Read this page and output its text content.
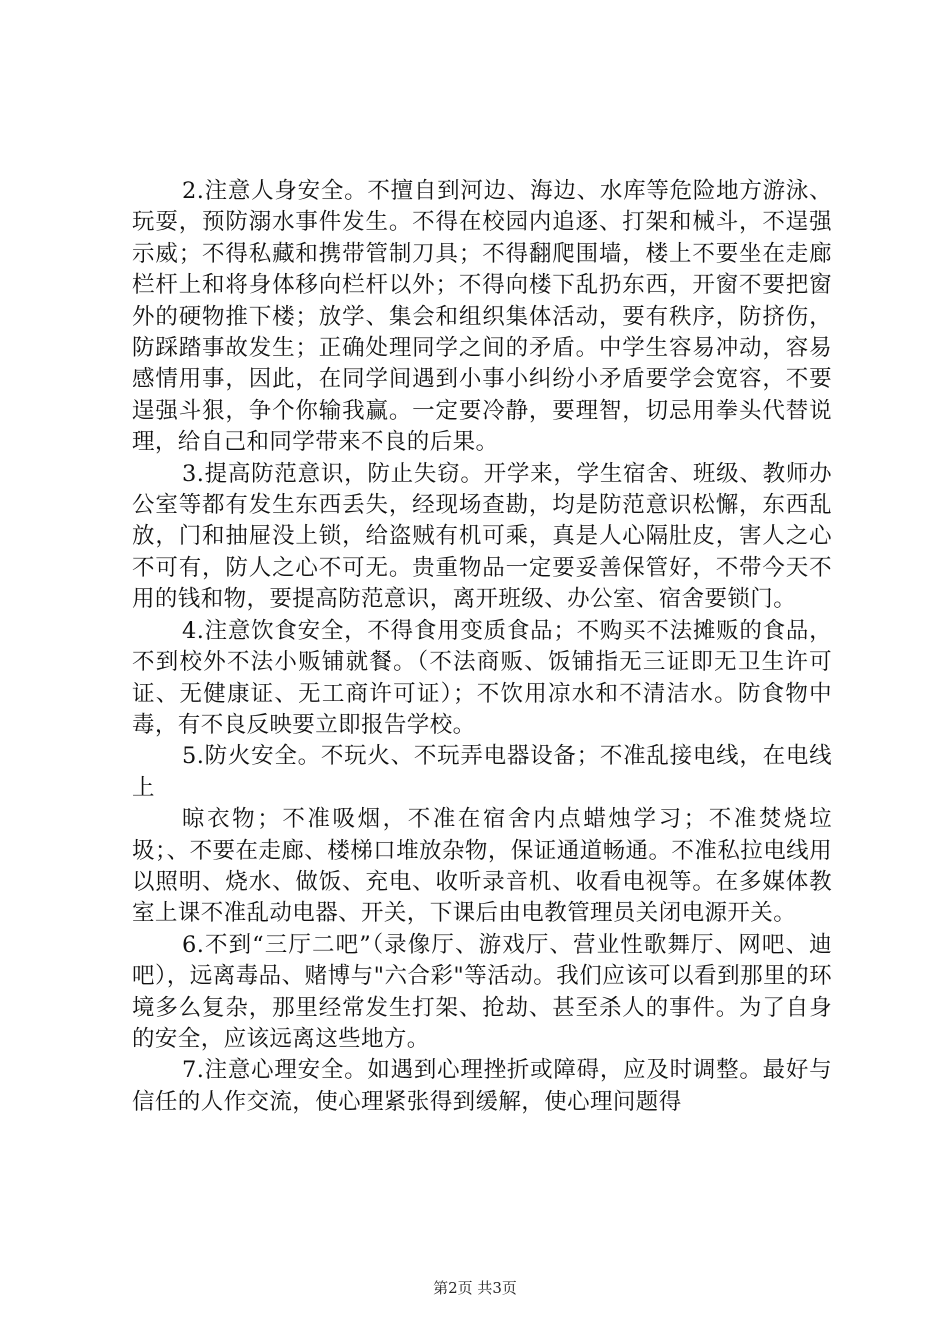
2.注意人身安全。不擅自到河边、海边、水库等危险地方游泳、玩耍，预防溺水事件发生。不得在校园内追逐、打架和械斗，不逞强示威；不得私藏和携带管制刀具；不得翻爬围墙，楼上不要坐在走廊栏杆上和将身体移向栏杆以外；不得向楼下乱扔东西，开窗不要把窗外的硬物推下楼；放学、集会和组织集体活动，要有秩序，防挤伤，防踩踏事故发生；正确处理同学之间的矛盾。中学生容易冲动，容易感情用事，因此，在同学间遇到小事小纠纷小矛盾要学会宽容，不要逞强斗狠，争个你输我赢。一定要冷静，要理智，切忌用拳头代替说理，给自己和同学带来不良的后果。

3.提高防范意识，防止失窃。开学来，学生宿舍、班级、教师办公室等都有发生东西丢失，经现场查勘，均是防范意识松懈，东西乱放，门和抽屉没上锁，给盗贼有机可乘，真是人心隔肚皮，害人之心不可有，防人之心不可无。贵重物品一定要妥善保管好，不带今天不用的钱和物，要提高防范意识，离开班级、办公室、宿舍要锁门。

4.注意饮食安全，不得食用变质食品；不购买不法摊贩的食品，不到校外不法小贩铺就餐。（不法商贩、饭铺指无三证即无卫生许可证、无健康证、无工商许可证）；不饮用凉水和不清洁水。防食物中毒，有不良反映要立即报告学校。

5.防火安全。不玩火、不玩弄电器设备；不准乱接电线，在电线上

晾衣物；不准吸烟，不准在宿舍内点蜡烛学习；不准焚烧垃圾；、不要在走廊、楼梯口堆放杂物，保证通道畅通。不准私拉电线用以照明、烧水、做饭、充电、收听录音机、收看电视等。在多媒体教室上课不准乱动电器、开关，下课后由电教管理员关闭电源开关。

6.不到“三厅二吧”（录像厅、游戏厅、营业性歌舞厅、网吧、迪吧），远离毒品、赌博与"六合彩"等活动。我们应该可以看到那里的环境多么复杂，那里经常发生打架、抢劫、甚至杀人的事件。为了自身的安全，应该远离这些地方。

7.注意心理安全。如遇到心理挫折或障碍，应及时调整。最好与信任的人作交流，使心理紧张得到缓解，使心理问题得

第2页 共3页
